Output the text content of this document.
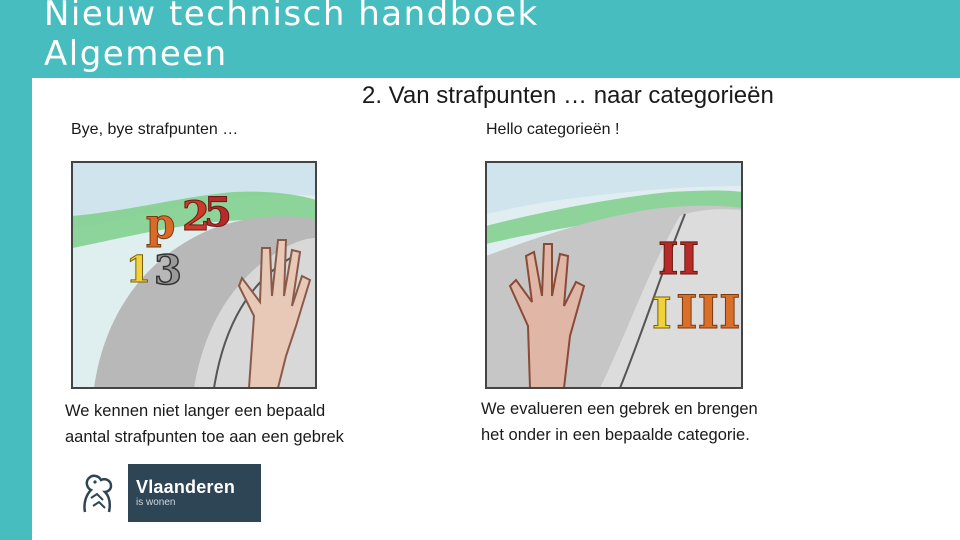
Nieuw technisch handboek
Algemeen
2. Van strafpunten … naar categorieën
Bye, bye strafpunten …	Hello categorieën !
p 2
5
3
1	II
III
I
We kennen niet langer een bepaald
aantal strafpunten toe aan een gebrek
We evalueren een gebrek en brengen
het onder in een bepaalde categorie.
Vlaanderen
is wonen
